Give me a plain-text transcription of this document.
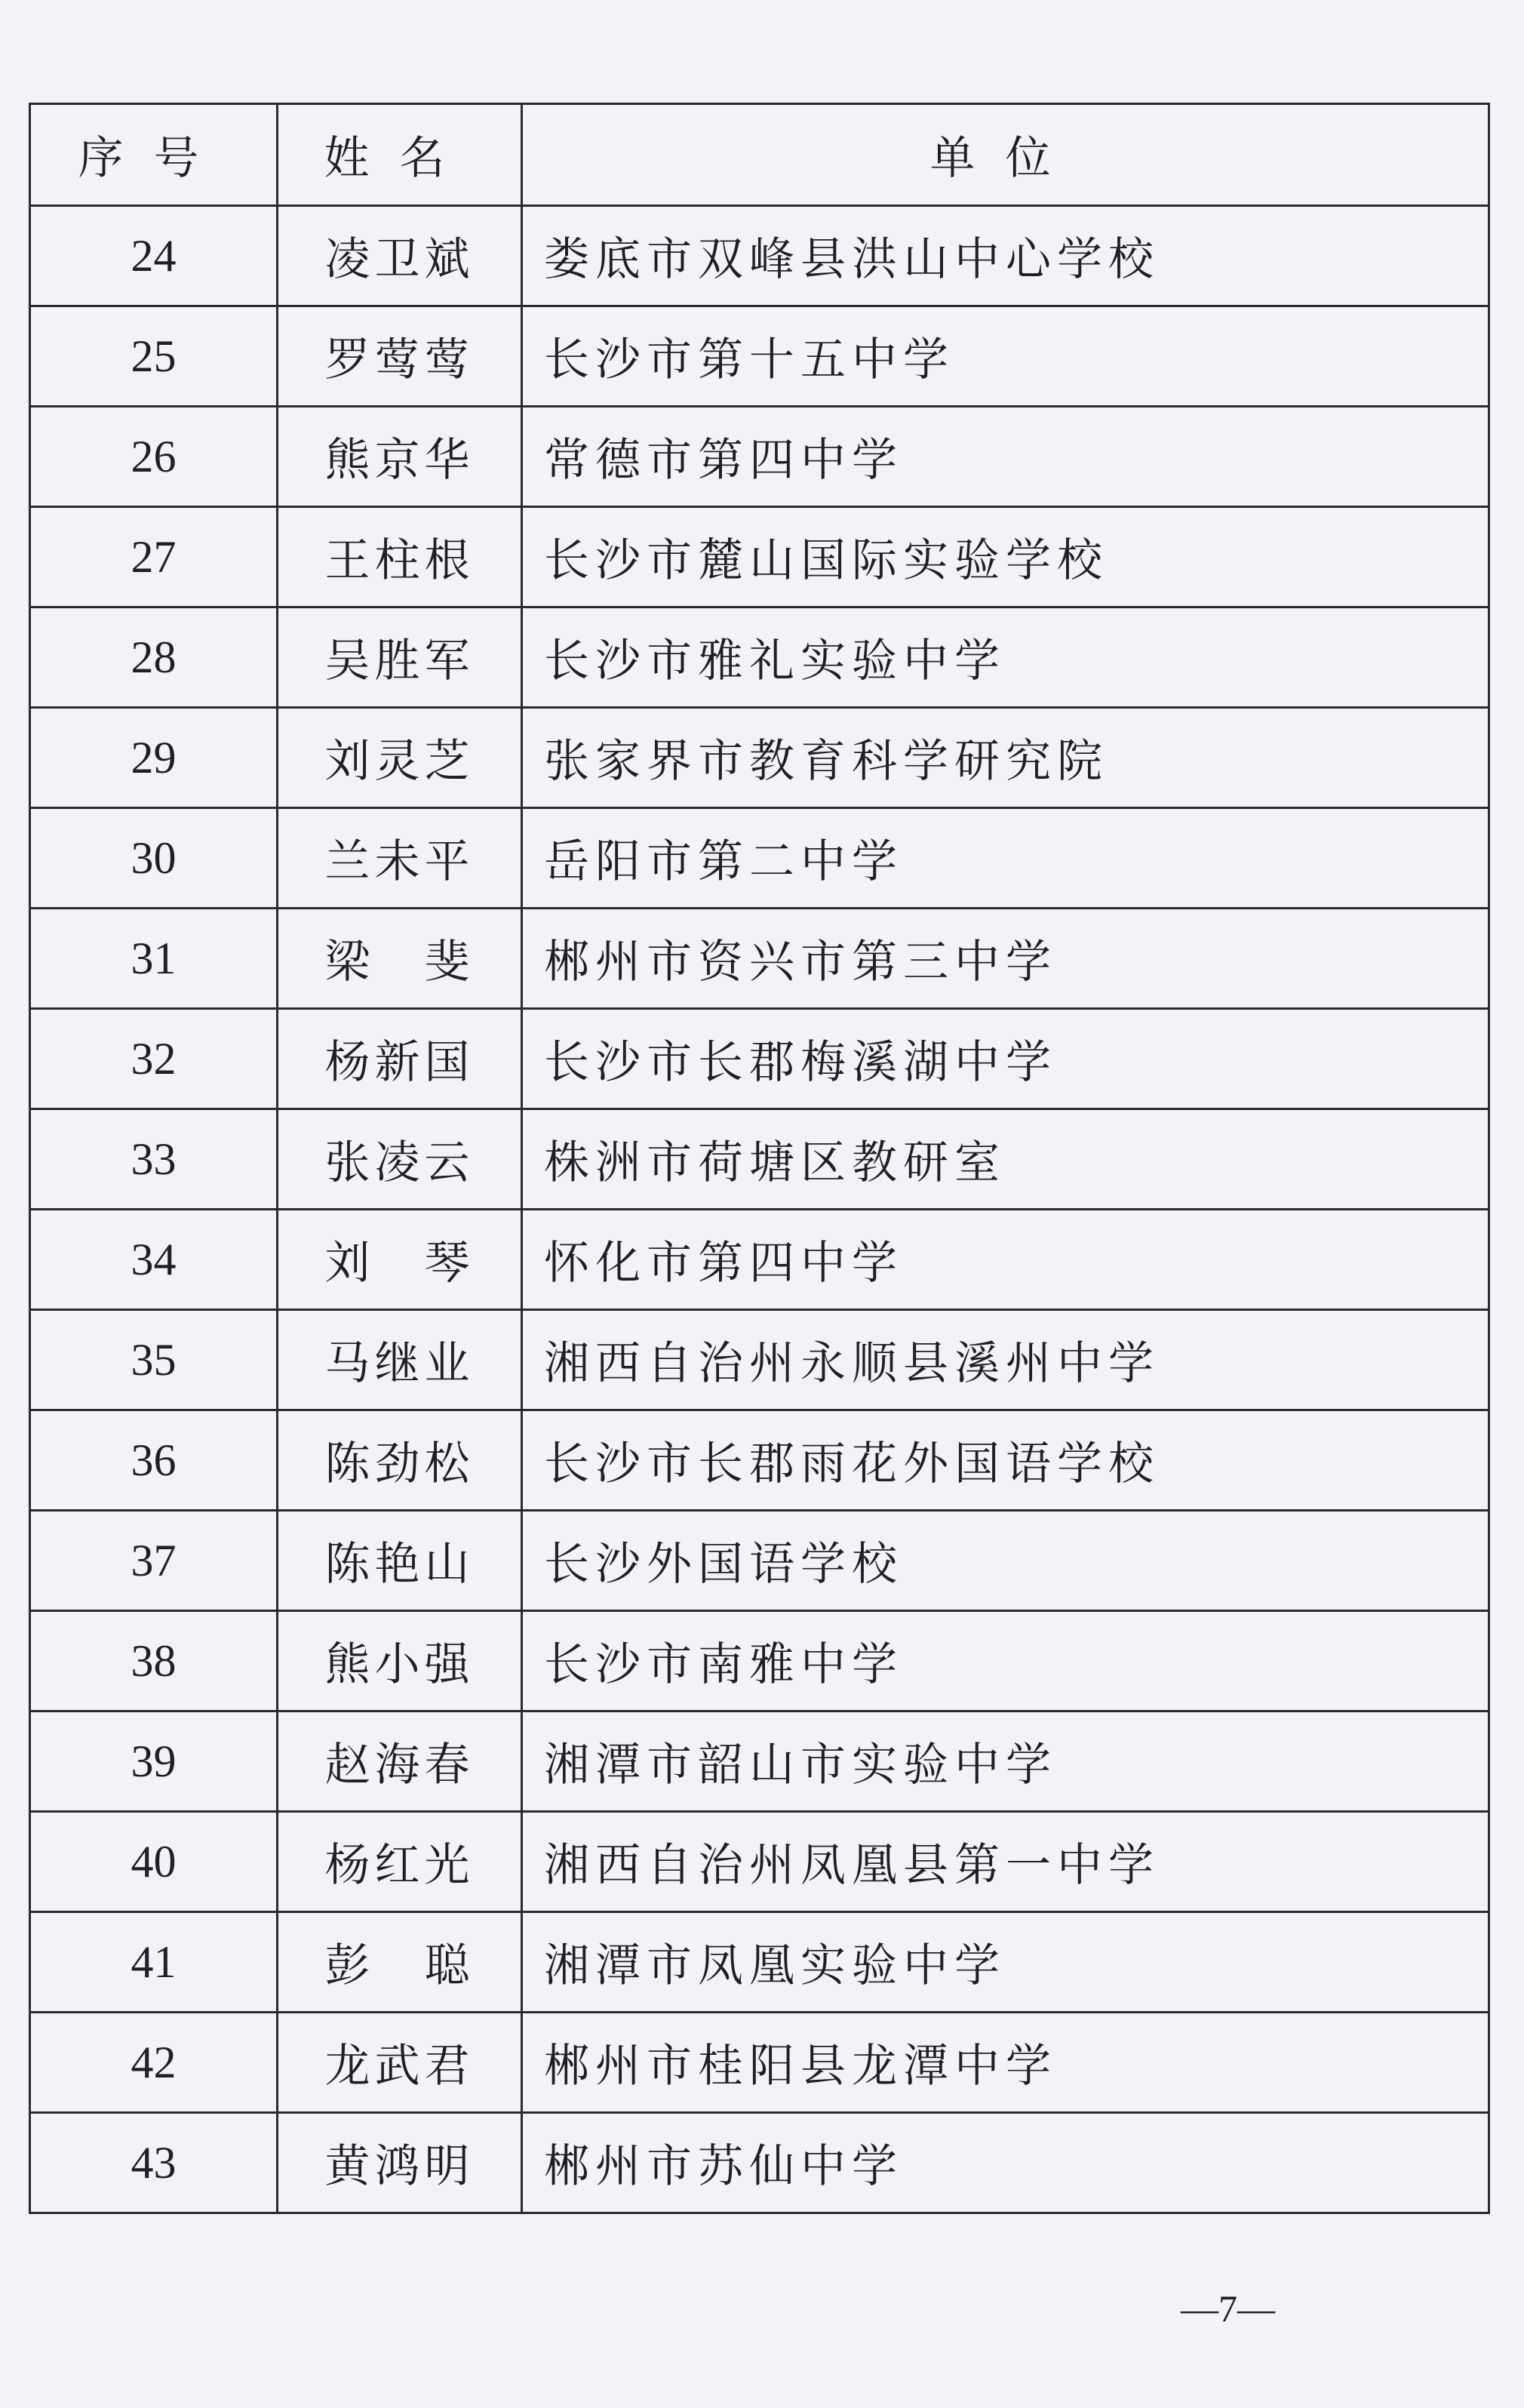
序号	姓名	单位
24	凌卫斌	娄底市双峰县洪山中心学校
25	罗莺莺	长沙市第十五中学
26	熊京华	常德市第四中学
27	王柱根	长沙市麓山国际实验学校
28	吴胜军	长沙市雅礼实验中学
29	刘灵芝	张家界市教育科学研究院
30	兰未平	岳阳市第二中学
31	梁　斐	郴州市资兴市第三中学
32	杨新国	长沙市长郡梅溪湖中学
33	张凌云	株洲市荷塘区教研室
34	刘　琴	怀化市第四中学
35	马继业	湘西自治州永顺县溪州中学
36	陈劲松	长沙市长郡雨花外国语学校
37	陈艳山	长沙外国语学校
38	熊小强	长沙市南雅中学
39	赵海春	湘潭市韶山市实验中学
40	杨红光	湘西自治州凤凰县第一中学
41	彭　聪	湘潭市凤凰实验中学
42	龙武君	郴州市桂阳县龙潭中学
43	黄鸿明	郴州市苏仙中学
—7—
